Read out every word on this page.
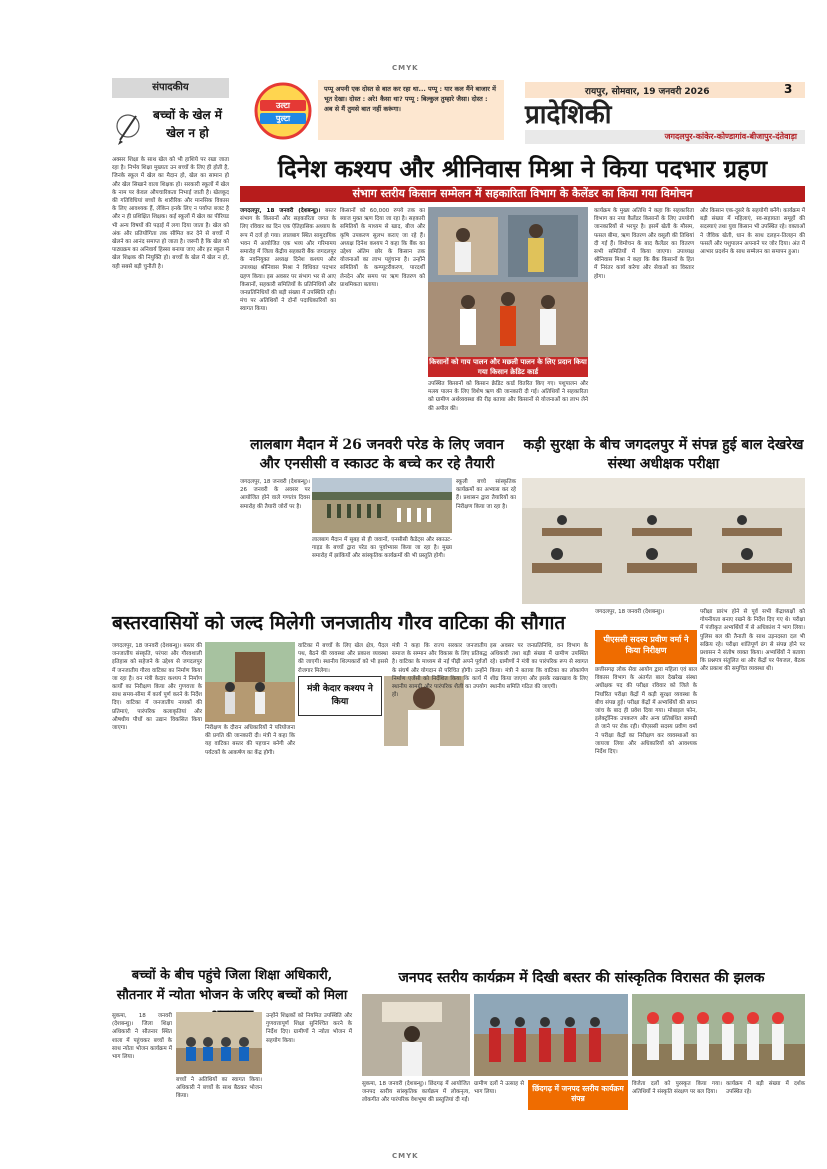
CMYK
CMYK
संपादकीय
बच्चों के खेल में खेल न हो
अक्सर शिक्षा के साथ खेल को भी हाशिये पर रखा जाता रहा है। निर्भय शिक्षा मुख्यतः उन बच्चों के लिए ही होती है, जिनके स्कूल में खेल का मैदान हो, खेल का सामान हो और खेल सिखाने वाला शिक्षक हो। सरकारी स्कूलों में खेल के नाम पर केवल औपचारिकता निभाई जाती है। खेलकूद की गतिविधियां बच्चों के शारीरिक और मानसिक विकास के लिए आवश्यक हैं, लेकिन इनके लिए न पर्याप्त बजट है और न ही प्रशिक्षित शिक्षक। कई स्कूलों में खेल का पीरियड भी अन्य विषयों की पढ़ाई में लगा दिया जाता है। खेल को अंक और प्रतियोगिता तक सीमित कर देने से बच्चों में खेलने का आनंद समाप्त हो जाता है। जरूरी है कि खेल को पाठ्यक्रम का अनिवार्य हिस्सा बनाया जाए और हर स्कूल में खेल शिक्षक की नियुक्ति हो। बच्चों के खेल में खेल न हो, यही सबसे बड़ी चुनौती है।
उल्टा
पुल्टा
पप्पू अपनी एक दोस्त से बात कर रहा था... पप्पू : यार कल मैंने बाजार में भूत देखा। दोस्त : अरे! कैसा था? पप्पू : बिल्कुल तुम्हारे जैसा। दोस्त : अब से मैं तुमसे बात नहीं करूंगा।
रायपुर, सोमवार, 19 जनवरी 2026	3
प्रादेशिकी
जगदलपुर-कांकेर-कोण्डागांव-बीजापुर-दंतेवाड़ा
दिनेश कश्यप और श्रीनिवास मिश्रा ने किया पदभार ग्रहण
संभाग स्तरीय किसान सम्मेलन में सहकारिता विभाग के कैलेंडर का किया गया विमोचन
जगदलपुर, 18 जनवरी (देशबन्धु)। बस्तर संभाग के किसानों और सहकारिता जगत के लिए रविवार का दिन एक ऐतिहासिक अध्याय के रूप में दर्ज हो गया। लालबाग स्थित सामुदायिक भवन में आयोजित एक भव्य और गरिमामय समारोह में जिला केंद्रीय सहकारी बैंक जगदलपुर के नवनियुक्त अध्यक्ष दिनेश कश्यप और उपाध्यक्ष श्रीनिवास मिश्रा ने विधिवत पदभार ग्रहण किया। इस अवसर पर संभाग भर से आए किसानों, सहकारी समितियों के प्रतिनिधियों और जनप्रतिनिधियों की बड़ी संख्या में उपस्थिति रही। मंच पर अतिथियों ने दोनों पदाधिकारियों का स्वागत किया।
किसानों को 60,000 रुपये तक का ब्याज मुक्त ऋण दिया जा रहा है। सहकारी समितियों के माध्यम से खाद, बीज और कृषि उपकरण सुलभ कराए जा रहे हैं। अध्यक्ष दिनेश कश्यप ने कहा कि बैंक का उद्देश्य अंतिम छोर के किसान तक योजनाओं का लाभ पहुंचाना है। उन्होंने समितियों के कम्प्यूटरीकरण, पारदर्शी लेनदेन और समय पर ऋण वितरण को प्राथमिकता बताया।
किसानों को गाय पालन और मछली पालन के लिए प्रदान किया गया किसान क्रेडिट कार्ड
उपस्थित किसानों को किसान क्रेडिट कार्ड वितरित किए गए। पशुपालन और मत्स्य पालन के लिए विशेष ऋण की जानकारी दी गई। अतिथियों ने सहकारिता को ग्रामीण अर्थव्यवस्था की रीढ़ बताया और किसानों से योजनाओं का लाभ लेने की अपील की।
कार्यक्रम के मुख्य अतिथि ने कहा कि सहकारिता विभाग का नया कैलेंडर किसानों के लिए उपयोगी जानकारियों से भरपूर है। इसमें खेती के मौसम, फसल बीमा, ऋण वितरण और वसूली की तिथियां दी गई हैं। विमोचन के बाद कैलेंडर का वितरण सभी समितियों में किया जाएगा। उपाध्यक्ष श्रीनिवास मिश्रा ने कहा कि बैंक किसानों के हित में निरंतर कार्य करेगा और सेवाओं का विस्तार होगा।
और किसान एक-दूसरे के सहयोगी बनेंगे। कार्यक्रम में बड़ी संख्या में महिलाएं, स्व-सहायता समूहों की सदस्याएं तथा युवा किसान भी उपस्थित रहे। वक्ताओं ने जैविक खेती, धान के साथ दलहन-तिलहन की फसलें और पशुपालन अपनाने पर जोर दिया। अंत में आभार प्रदर्शन के साथ सम्मेलन का समापन हुआ।
लालबाग मैदान में 26 जनवरी परेड के लिए जवान और एनसीसी व स्काउट के बच्चे कर रहे तैयारी
जगदलपुर, 18 जनवरी (देशबन्धु)। 26 जनवरी के अवसर पर आयोजित होने वाले गणतंत्र दिवस समारोह की तैयारी जोरों पर है।
लालबाग मैदान में सुबह से ही जवानों, एनसीसी कैडेट्स और स्काउट-गाइड के बच्चों द्वारा परेड का पूर्वाभ्यास किया जा रहा है। मुख्य समारोह में झांकियों और सांस्कृतिक कार्यक्रमों की भी प्रस्तुति होगी।
स्कूली बच्चे सांस्कृतिक कार्यक्रमों का अभ्यास कर रहे हैं। प्रशासन द्वारा तैयारियों का निरीक्षण किया जा रहा है।
कड़ी सुरक्षा के बीच जगदलपुर में संपन्न हुई बाल देखरेख संस्था अधीक्षक परीक्षा
बस्तरवासियों को जल्द मिलेगी जनजातीय गौरव वाटिका की सौगात
जगदलपुर, 18 जनवरी (देशबन्धु)। बस्तर की जनजातीय संस्कृति, परंपरा और गौरवशाली इतिहास को सहेजने के उद्देश्य से जगदलपुर में जनजातीय गौरव वाटिका का निर्माण किया जा रहा है। वन मंत्री केदार कश्यप ने निर्माण कार्यों का निरीक्षण किया और गुणवत्ता के साथ समय-सीमा में कार्य पूर्ण करने के निर्देश दिए। वाटिका में जनजातीय नायकों की प्रतिमाएं, पारंपरिक कलाकृतियां और औषधीय पौधों का उद्यान विकसित किया जाएगा।	निरीक्षण के दौरान अधिकारियों ने परियोजना की प्रगति की जानकारी दी। मंत्री ने कहा कि यह वाटिका बस्तर की पहचान बनेगी और पर्यटकों के आकर्षण का केंद्र होगी।
वाटिका में बच्चों के लिए खेल क्षेत्र, पैदल पथ, बैठने की व्यवस्था और प्रकाश व्यवस्था की जाएगी। स्थानीय शिल्पकारों को भी इससे रोजगार मिलेगा।
मंत्री केदार कश्यप ने किया
मंत्री ने कहा कि राज्य सरकार जनजातीय समाज के सम्मान और विकास के लिए प्रतिबद्ध है। वाटिका के माध्यम से नई पीढ़ी अपने पूर्वजों के संघर्ष और योगदान से परिचित होगी। उन्होंने निर्माण एजेंसी को निर्देशित किया कि कार्य में स्थानीय सामग्री और पारंपरिक शैली का उपयोग हो।
इस अवसर पर जनप्रतिनिधि, वन विभाग के अधिकारी तथा बड़ी संख्या में ग्रामीण उपस्थित रहे। ग्रामीणों ने मंत्री का पारंपरिक रूप से स्वागत किया। मंत्री ने बताया कि वाटिका का लोकार्पण शीघ्र किया जाएगा और इसके रखरखाव के लिए स्थानीय समिति गठित की जाएगी।
जगदलपुर, 18 जनवरी (देशबन्धु)।
पीएससी सदस्य प्रवीण वर्मा ने किया निरीक्षण
छत्तीसगढ़ लोक सेवा आयोग द्वारा महिला एवं बाल विकास विभाग के अंतर्गत बाल देखरेख संस्था अधीक्षक पद की परीक्षा रविवार को जिले के निर्धारित परीक्षा केंद्रों में कड़ी सुरक्षा व्यवस्था के बीच संपन्न हुई। परीक्षा केंद्रों में अभ्यर्थियों की सघन जांच के बाद ही प्रवेश दिया गया। मोबाइल फोन, इलेक्ट्रॉनिक उपकरण और अन्य प्रतिबंधित सामग्री ले जाने पर रोक रही। पीएससी सदस्य प्रवीण वर्मा ने परीक्षा केंद्रों का निरीक्षण कर व्यवस्थाओं का जायजा लिया और अधिकारियों को आवश्यक निर्देश दिए।
परीक्षा प्रारंभ होने से पूर्व सभी केंद्राध्यक्षों को गोपनीयता बनाए रखने के निर्देश दिए गए थे। परीक्षा में पंजीकृत अभ्यर्थियों में से अधिकांश ने भाग लिया। पुलिस बल की तैनाती के साथ उड़नदस्ता दल भी सक्रिय रहे। परीक्षा शांतिपूर्ण ढंग से संपन्न होने पर प्रशासन ने संतोष व्यक्त किया। अभ्यर्थियों ने बताया कि प्रश्नपत्र संतुलित था और केंद्रों पर पेयजल, बैठक और प्रकाश की समुचित व्यवस्था थी।
बच्चों के बीच पहुंचे जिला शिक्षा अधिकारी, सौतनार में न्योता भोजन के जरिए बच्चों को मिला
सुकमा, 18 जनवरी (देशबन्धु)। जिला शिक्षा अधिकारी ने सौतनार स्थित शाला में पहुंचकर बच्चों के साथ न्योता भोजन कार्यक्रम में भाग लिया।
बच्चों ने अतिथियों का स्वागत किया। अधिकारी ने बच्चों के साथ बैठकर भोजन किया।
उन्होंने शिक्षकों को नियमित उपस्थिति और गुणवत्तापूर्ण शिक्षा सुनिश्चित करने के निर्देश दिए। ग्रामीणों ने न्योता भोजन में सहयोग किया।
जनपद स्तरीय कार्यक्रम में दिखी बस्तर की सांस्कृतिक विरासत की झलक
सुकमा, 18 जनवरी (देशबन्धु)। छिंदगढ़ में आयोजित जनपद स्तरीय सांस्कृतिक कार्यक्रम में लोकनृत्य, लोकगीत और पारंपरिक वेशभूषा की प्रस्तुतियां दी गईं।
ग्रामीण दलों ने उत्साह से भाग लिया।	छिंदगढ़ में जनपद स्तरीय कार्यक्रम संपन्न
विजेता दलों को पुरस्कृत किया गया। अतिथियों ने संस्कृति संरक्षण पर बल दिया।
कार्यक्रम में बड़ी संख्या में दर्शक उपस्थित रहे।
